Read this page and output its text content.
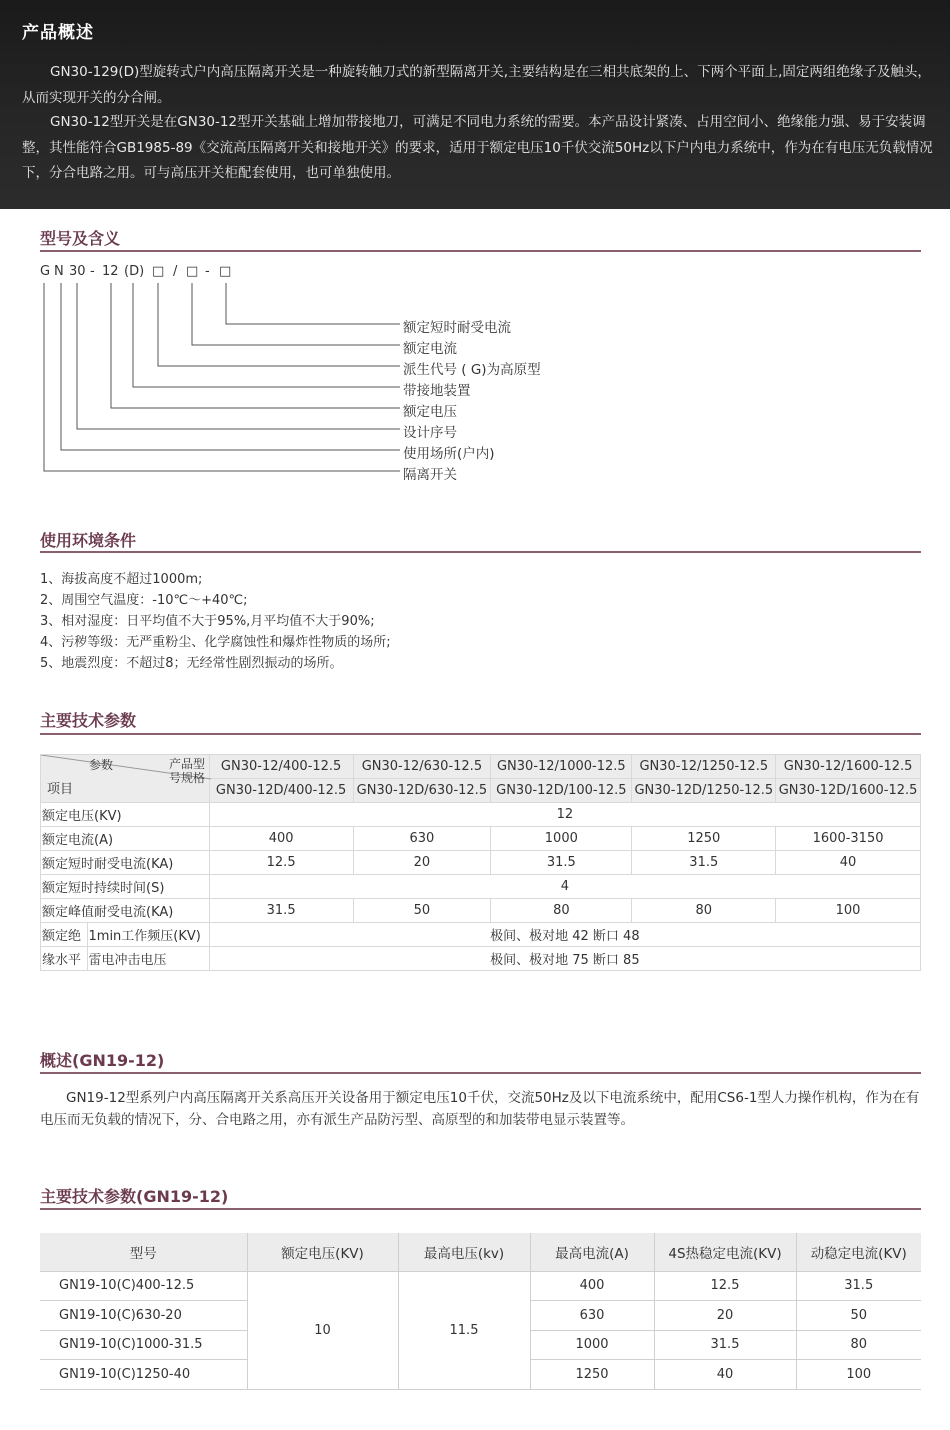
产品概述

GN30-129(D)型旋转式户内高压隔离开关是一种旋转触刀式的新型隔离开关,主要结构是在三相共底架的上、下两个平面上,固定两组绝缘子及触头，从而实现开关的分合闸。

GN30-12型开关是在GN30-12型开关基础上增加带接地刀，可满足不同电力系统的需要。本产品设计紧凑、占用空间小、绝缘能力强、易于安装调整，其性能符合GB1985-89《交流高压隔离开关和接地开关》的要求，适用于额定电压10千伏交流50Hz以下户内电力系统中，作为在有电压无负载情况下，分合电路之用。可与高压开关柜配套使用，也可单独使用。

型号及含义
G N 30 - 12 (D) □ / □ - □
额定短时耐受电流
额定电流
派生代号 ( G)为高原型
带接地装置
额定电压
设计序号
使用场所(户内)
隔离开关
使用环境条件
1、海拔高度不超过1000m;
2、周围空气温度：-10℃～+40℃;
3、相对湿度：日平均值不大于95%,月平均值不大于90%;
4、污秽等级：无严重粉尘、化学腐蚀性和爆炸性物质的场所;
5、地震烈度：不超过8；无经常性剧烈振动的场所。
主要技术参数
参数 产品型
号规格
项目		GN30-12/400-12.5	GN30-12/630-12.5	GN30-12/1000-12.5	GN30-12/1250-12.5	GN30-12/1600-12.5
		GN30-12D/400-12.5	GN30-12D/630-12.5	GN30-12D/100-12.5	GN30-12D/1250-12.5	GN30-12D/1600-12.5
额定电压(KV)		12				
额定电流(A)		400	630	1000	1250	1600-3150
额定短时耐受电流(KA)		12.5	20	31.5	31.5	40
额定短时持续时间(S)		4				
额定峰值耐受电流(KA)		31.5	50	80	80	100
额定绝	1min工作频压(KV)	极间、极对地 42 断口 48				
缘水平	雷电冲击电压	极间、极对地 75 断口 85				
概述(GN19-12)
GN19-12型系列户内高压隔离开关系高压开关设备用于额定电压10千伏，交流50Hz及以下电流系统中，配用CS6-1型人力操作机构，作为在有电压而无负载的情况下，分、合电路之用，亦有派生产品防污型、高原型的和加装带电显示装置等。
主要技术参数(GN19-12)
型号	额定电压(KV)	最高电压(kv)	最高电流(A)	4S热稳定电流(KV)	动稳定电流(KV)
GN19-10(C)400-12.5	10	11.5	400	12.5	31.5
GN19-10(C)630-20			630	20	50
GN19-10(C)1000-31.5			1000	31.5	80
GN19-10(C)1250-40			1250	40	100
